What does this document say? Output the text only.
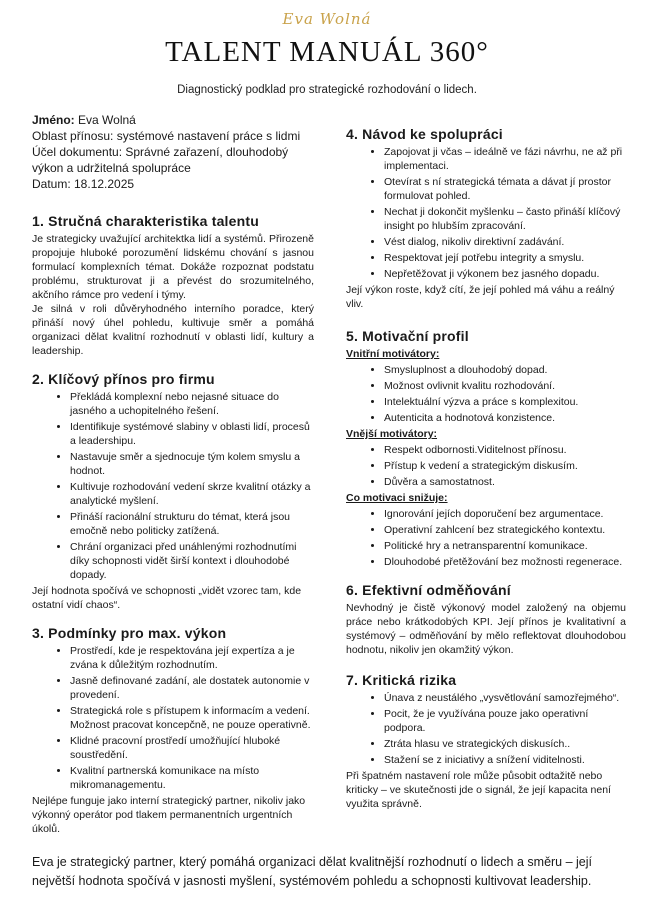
Eva Wolná
TALENT MANUÁL 360°
Diagnostický podklad pro strategické rozhodování o lidech.
Jméno: Eva Wolná
Oblast přínosu: systémové nastavení práce s lidmi
Účel dokumentu: Správné zařazení, dlouhodobý výkon a udržitelná spolupráce
Datum: 18.12.2025
1. Stručná charakteristika talentu

Je strategicky uvažující architektka lidí a systémů. Přirozeně propojuje hluboké porozumění lidskému chování s jasnou formulací komplexních témat. Dokáže rozpoznat podstatu problému, strukturovat ji a převést do srozumitelného, akčního rámce pro vedení i týmy.

Je silná v roli důvěryhodného interního poradce, který přináší nový úhel pohledu, kultivuje směr a pomáhá organizaci dělat kvalitní rozhodnutí v oblasti lidí, kultury a leadership.

2. Klíčový přínos pro firmu
• Překládá komplexní nebo nejasné situace do jasného a uchopitelného řešení.
• Identifikuje systémové slabiny v oblasti lidí, procesů a leadershipu.
• Nastavuje směr a sjednocuje tým kolem smyslu a hodnot.
• Kultivuje rozhodování vedení skrze kvalitní otázky a analytické myšlení.
• Přináší racionální strukturu do témat, která jsou emočně nebo politicky zatížená.
• Chrání organizaci před unáhlenými rozhodnutími díky schopnosti vidět širší kontext i dlouhodobé dopady.

Její hodnota spočívá ve schopnosti „vidět vzorec tam, kde ostatní vidí chaos“.

3. Podmínky pro max. výkon
• Prostředí, kde je respektována její expertíza a je zvána k důležitým rozhodnutím.
• Jasně definované zadání, ale dostatek autonomie v provedení.
• Strategická role s přístupem k informacím a vedení. Možnost pracovat koncepčně, ne pouze operativně.
• Klidné pracovní prostředí umožňující hluboké soustředění.
• Kvalitní partnerská komunikace na místo mikromanagementu.

Nejlépe funguje jako interní strategický partner, nikoliv jako výkonný operátor pod tlakem permanentních urgentních úkolů.

4. Návod ke spolupráci
• Zapojovat ji včas – ideálně ve fázi návrhu, ne až při implementaci.
• Otevírat s ní strategická témata a dávat jí prostor formulovat pohled.
• Nechat ji dokončit myšlenku – často přináší klíčový insight po hlubším zpracování.
• Vést dialog, nikoliv direktivní zadávání.
• Respektovat její potřebu integrity a smyslu.
• Nepřetěžovat ji výkonem bez jasného dopadu.

Její výkon roste, když cítí, že její pohled má váhu a reálný vliv.

5. Motivační profil
Vnitřní motivátory:
• Smysluplnost a dlouhodobý dopad.
• Možnost ovlivnit kvalitu rozhodování.
• Intelektuální výzva a práce s komplexitou.
• Autenticita a hodnotová konzistence.
Vnější motivátory:
• Respekt odbornosti.Viditelnost přínosu.
• Přístup k vedení a strategickým diskusím.
• Důvěra a samostatnost.
Co motivaci snižuje:
• Ignorování jejích doporučení bez argumentace.
• Operativní zahlcení bez strategického kontextu.
• Politické hry a netransparentní komunikace.
• Dlouhodobé přetěžování bez možnosti regenerace.
6. Efektivní odměňování

Nevhodný je čistě výkonový model založený na objemu práce nebo krátkodobých KPI. Její přínos je kvalitativní a systémový – odměňování by mělo reflektovat dlouhodobou hodnotu, nikoliv jen okamžitý výkon.

7. Kritická rizika
• Únava z neustálého „vysvětlování samozřejmého“.
• Pocit, že je využívána pouze jako operativní podpora.
• Ztráta hlasu ve strategických diskusích..
• Stažení se z iniciativy a snížení viditelnosti.

Při špatném nastavení role může působit odtažitě nebo kriticky – ve skutečnosti jde o signál, že její kapacita není využita správně.

Eva je strategický partner, který pomáhá organizaci dělat kvalitnější rozhodnutí o lidech a směru – její největší hodnota spočívá v jasnosti myšlení, systémovém pohledu a schopnosti kultivovat leadership.
